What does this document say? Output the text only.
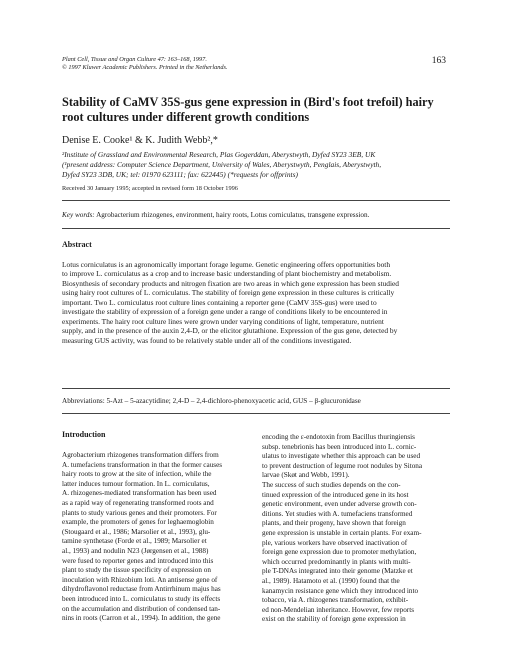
Plant Cell, Tissue and Organ Culture 47: 163–168, 1997.
© 1997 Kluwer Academic Publishers. Printed in the Netherlands.
163
Stability of CaMV 35S-gus gene expression in (Bird's foot trefoil) hairy root cultures under different growth conditions
Denise E. Cooke¹ & K. Judith Webb²,*
²Institute of Grassland and Environmental Research, Plas Gogerddan, Aberystwyth, Dyfed SY23 3EB, UK
(¹present address: Computer Science Department, University of Wales, Aberystwyth, Penglais, Aberystwyth,
Dyfed SY23 3DB, UK; tel: 01970 623111; fax: 622445) (*requests for offprints)
Received 30 January 1995; accepted in revised form 18 October 1996
Key words: Agrobacterium rhizogenes, environment, hairy roots, Lotus corniculatus, transgene expression.
Abstract
Lotus corniculatus is an agronomically important forage legume. Genetic engineering offers opportunities both
to improve L. corniculatus as a crop and to increase basic understanding of plant biochemistry and metabolism.
Biosynthesis of secondary products and nitrogen fixation are two areas in which gene expression has been studied
using hairy root cultures of L. corniculatus. The stability of foreign gene expression in these cultures is critically
important. Two L. corniculatus root culture lines containing a reporter gene (CaMV 35S-gus) were used to
investigate the stability of expression of a foreign gene under a range of conditions likely to be encountered in
experiments. The hairy root culture lines were grown under varying conditions of light, temperature, nutrient
supply, and in the presence of the auxin 2,4-D, or the elicitor glutathione. Expression of the gus gene, detected by
measuring GUS activity, was found to be relatively stable under all of the conditions investigated.
Abbreviations: 5-Azt – 5-azacytidine; 2,4-D – 2,4-dichloro-phenoxyacetic acid, GUS – β-glucuronidase
Introduction
Agrobacterium rhizogenes transformation differs from
A. tumefaciens transformation in that the former causes
hairy roots to grow at the site of infection, while the
latter induces tumour formation. In L. corniculatus,
A. rhizogenes-mediated transformation has been used
as a rapid way of regenerating transformed roots and
plants to study various genes and their promoters. For
example, the promoters of genes for leghaemoglobin
(Stougaard et al., 1986; Marsolier et al., 1993), glu-
tamine synthetase (Forde et al., 1989; Marsolier et
al., 1993) and nodulin N23 (Jørgensen et al., 1988)
were fused to reporter genes and introduced into this
plant to study the tissue specificity of expression on
inoculation with Rhizobium loti. An antisense gene of
dihydroflavonol reductase from Antirrhinum majus has
been introduced into L. corniculatus to study its effects
on the accumulation and distribution of condensed tan-
nins in roots (Carron et al., 1994). In addition, the gene
encoding the ε-endotoxin from Bacillus thuringiensis
subsp. tenebrionis has been introduced into L. cornic-
ulatus to investigate whether this approach can be used
to prevent destruction of legume root nodules by Sitona
larvae (Skøt and Webb, 1991).
The success of such studies depends on the con-
tinued expression of the introduced gene in its host
genetic environment, even under adverse growth con-
ditions. Yet studies with A. tumefaciens transformed
plants, and their progeny, have shown that foreign
gene expression is unstable in certain plants. For exam-
ple, various workers have observed inactivation of
foreign gene expression due to promoter methylation,
which occurred predominantly in plants with multi-
ple T-DNAs integrated into their genome (Matzke et
al., 1989). Hatamoto et al. (1990) found that the
kanamycin resistance gene which they introduced into
tobacco, via A. rhizogenes transformation, exhibit-
ed non-Mendelian inheritance. However, few reports
exist on the stability of foreign gene expression in
